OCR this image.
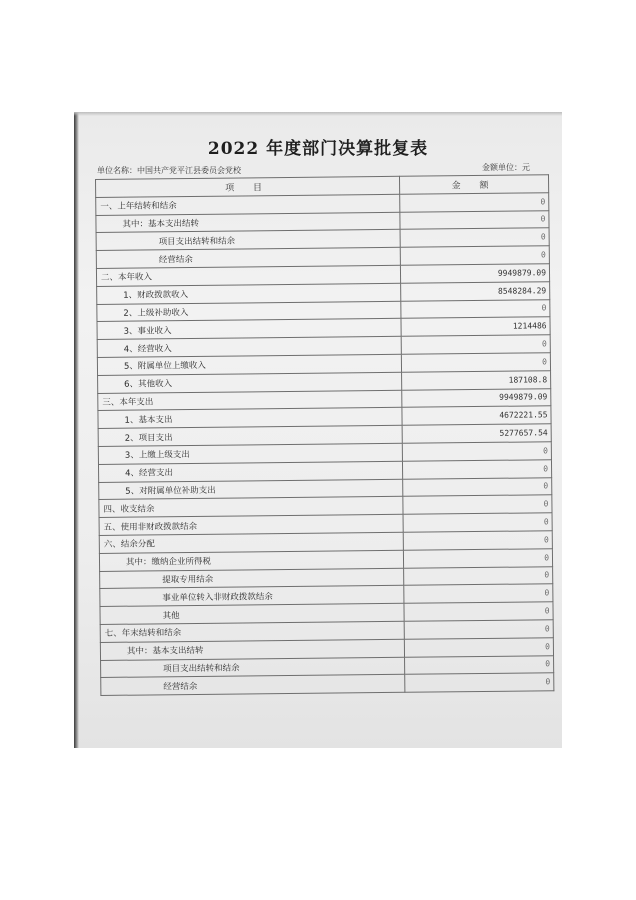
2022 年度部门决算批复表
单位名称：中国共产党平江县委员会党校	金额单位：元
项 目	金 额
一、上年结转和结余	0
其中：基本支出结转	0
项目支出结转和结余	0
经营结余	0
二、本年收入	9949879.09
1、财政拨款收入	8548284.29
2、上级补助收入	0
3、事业收入	1214486
4、经营收入	0
5、附属单位上缴收入	0
6、其他收入	187108.8
三、本年支出	9949879.09
1、基本支出	4672221.55
2、项目支出	5277657.54
3、上缴上级支出	0
4、经营支出	0
5、对附属单位补助支出	0
四、收支结余	0
五、使用非财政拨款结余	0
六、结余分配	0
其中：缴纳企业所得税	0
提取专用结余	0
事业单位转入非财政拨款结余	0
其他	0
七、年末结转和结余	0
其中：基本支出结转	0
项目支出结转和结余	0
经营结余	0
